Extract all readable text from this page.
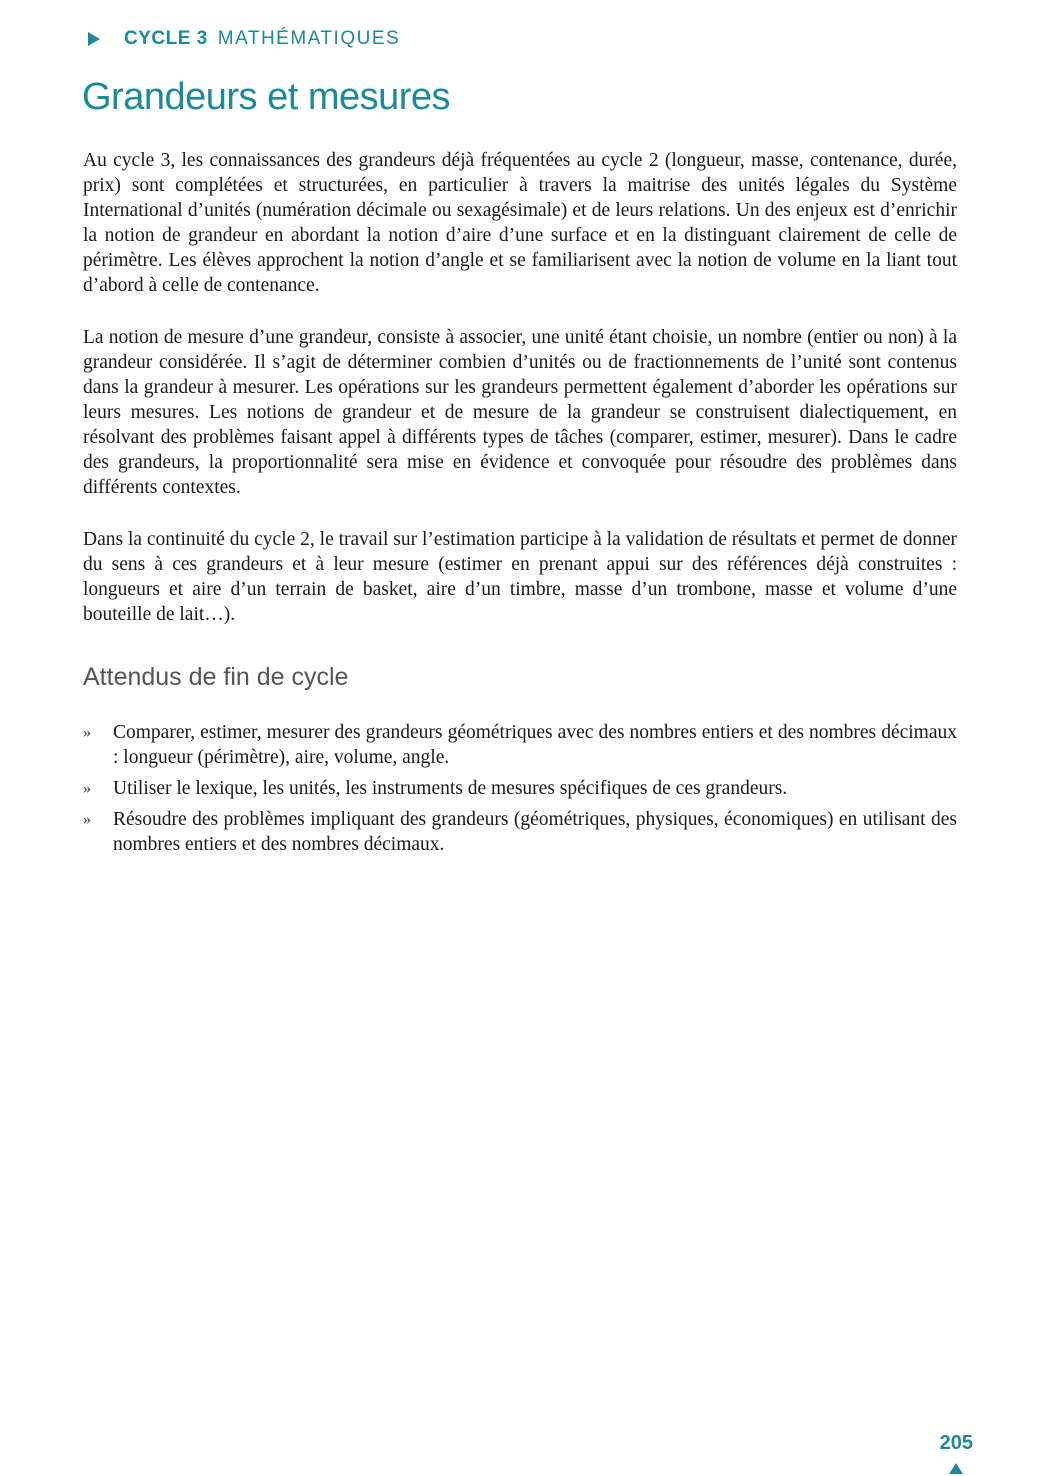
CYCLE 3 MATHÉMATIQUES
Grandeurs et mesures

Au cycle 3, les connaissances des grandeurs déjà fréquentées au cycle 2 (longueur, masse, contenance, durée, prix) sont complétées et structurées, en particulier à travers la maitrise des unités légales du Système International d’unités (numération décimale ou sexagésimale) et de leurs relations. Un des enjeux est d’enrichir la notion de grandeur en abordant la notion d’aire d’une surface et en la distinguant clairement de celle de périmètre. Les élèves approchent la notion d’angle et se familiarisent avec la notion de volume en la liant tout d’abord à celle de contenance.

La notion de mesure d’une grandeur, consiste à associer, une unité étant choisie, un nombre (entier ou non) à la grandeur considérée. Il s’agit de déterminer combien d’unités ou de fractionnements de l’unité sont contenus dans la grandeur à mesurer. Les opérations sur les grandeurs permettent également d’aborder les opérations sur leurs mesures. Les notions de grandeur et de mesure de la grandeur se construisent dialectiquement, en résolvant des problèmes faisant appel à différents types de tâches (comparer, estimer, mesurer). Dans le cadre des grandeurs, la proportionnalité sera mise en évidence et convoquée pour résoudre des problèmes dans différents contextes.

Dans la continuité du cycle 2, le travail sur l’estimation participe à la validation de résultats et permet de donner du sens à ces grandeurs et à leur mesure (estimer en prenant appui sur des références déjà construites : longueurs et aire d’un terrain de basket, aire d’un timbre, masse d’un trombone, masse et volume d’une bouteille de lait…).

Attendus de fin de cycle
» Comparer, estimer, mesurer des grandeurs géométriques avec des nombres entiers et des nombres décimaux : longueur (périmètre), aire, volume, angle.
» Utiliser le lexique, les unités, les instruments de mesures spécifiques de ces grandeurs.
» Résoudre des problèmes impliquant des grandeurs (géométriques, physiques, économiques) en utilisant des nombres entiers et des nombres décimaux.
205
